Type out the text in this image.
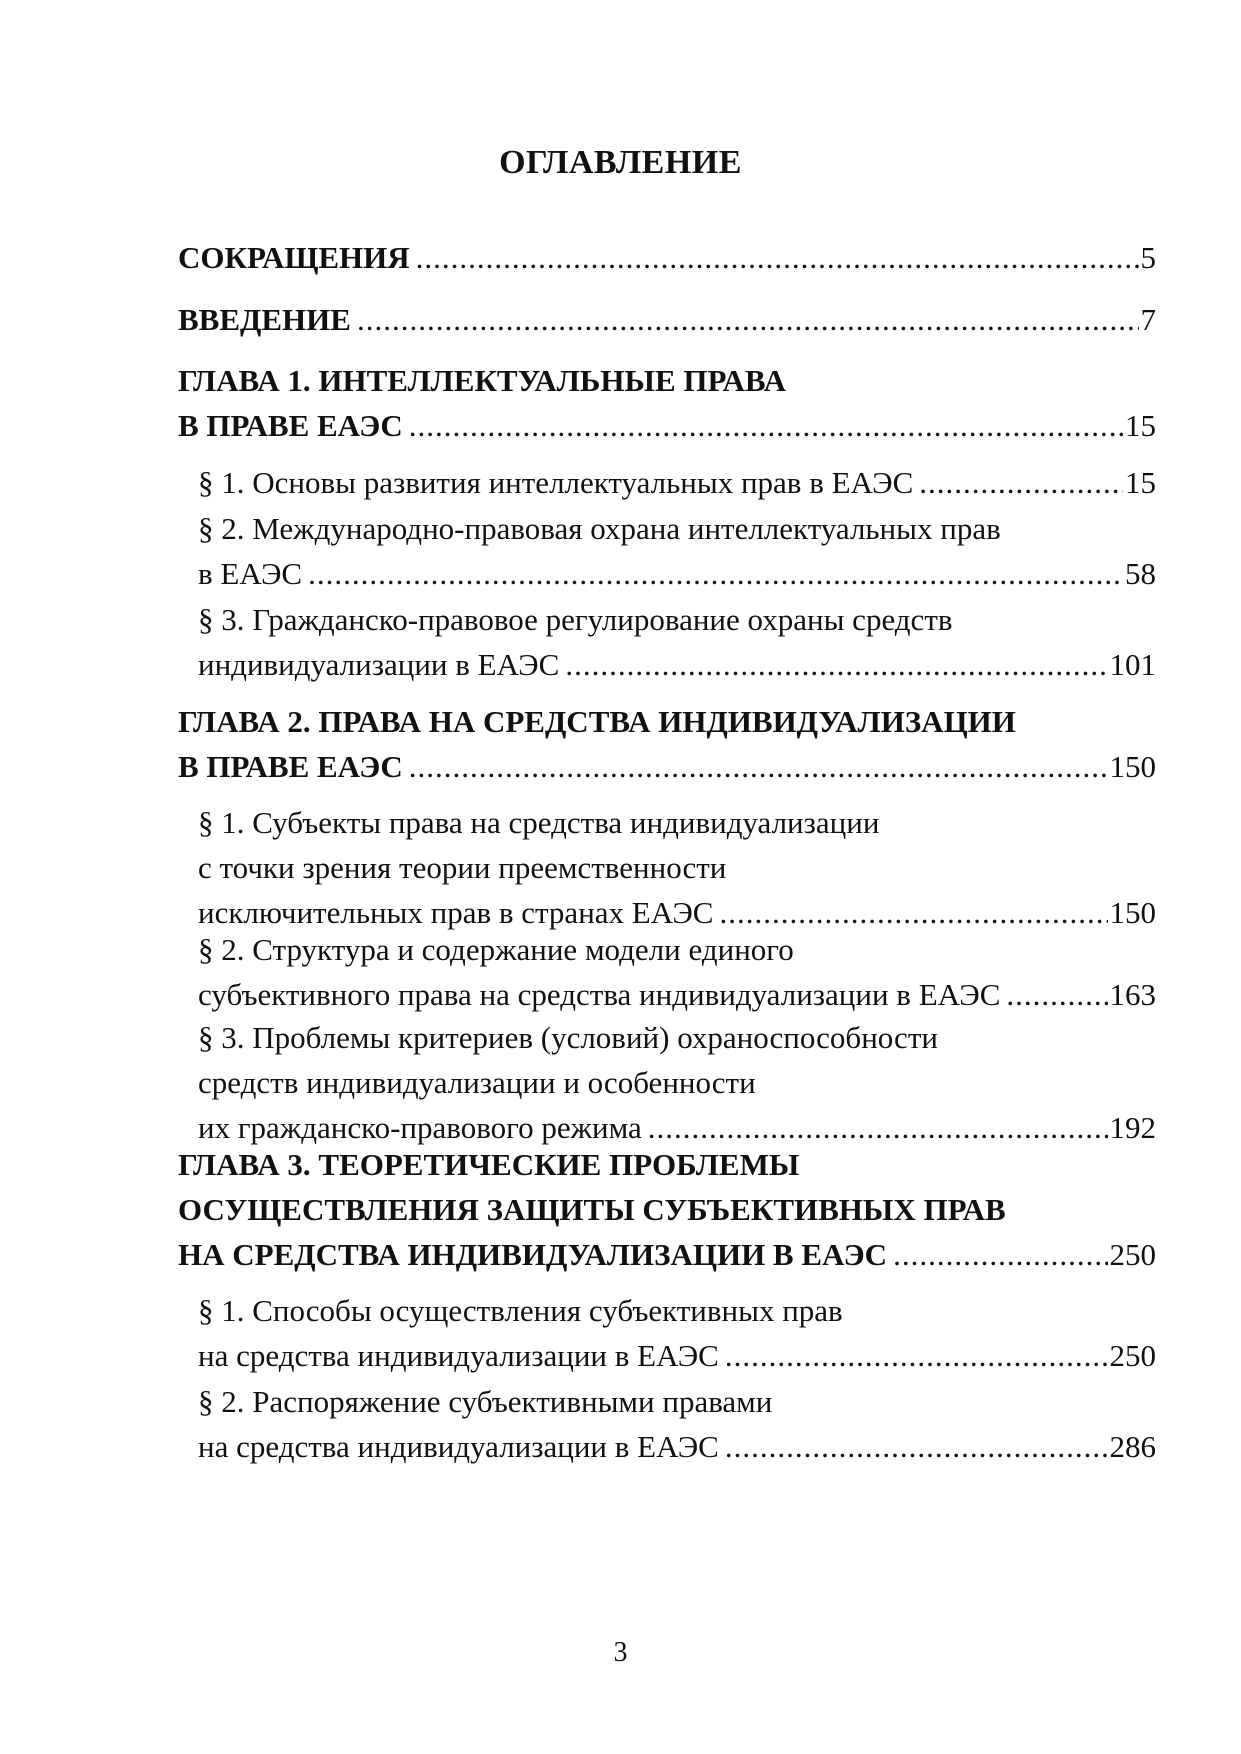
ОГЛАВЛЕНИЕ
СОКРАЩЕНИЯ .....	5
ВВЕДЕНИЕ .....	7
ГЛАВА 1. ИНТЕЛЛЕКТУАЛЬНЫЕ ПРАВА
В ПРАВЕ ЕАЭС .....	15
§ 1. Основы развития интеллектуальных прав в ЕАЭС .....	15
§ 2. Международно-правовая охрана интеллектуальных прав
в ЕАЭС .....	58
§ 3. Гражданско-правовое регулирование охраны средств
индивидуализации в ЕАЭС .....	101
ГЛАВА 2. ПРАВА НА СРЕДСТВА ИНДИВИДУАЛИЗАЦИИ
В ПРАВЕ ЕАЭС .....	150
§ 1. Субъекты права на средства индивидуализации
с точки зрения теории преемственности
исключительных прав в странах ЕАЭС .....	150
§ 2. Структура и содержание модели единого
субъективного права на средства индивидуализации в ЕАЭС .....	163
§ 3. Проблемы критериев (условий) охраноспособности
средств индивидуализации и особенности
их гражданско-правового режима .....	192
ГЛАВА 3. ТЕОРЕТИЧЕСКИЕ ПРОБЛЕМЫ
ОСУЩЕСТВЛЕНИЯ ЗАЩИТЫ СУБЪЕКТИВНЫХ ПРАВ
НА СРЕДСТВА ИНДИВИДУАЛИЗАЦИИ В ЕАЭС .....	250
§ 1. Способы осуществления субъективных прав
на средства индивидуализации в ЕАЭС .....	250
§ 2. Распоряжение субъективными правами
на средства индивидуализации в ЕАЭС .....	286
3
